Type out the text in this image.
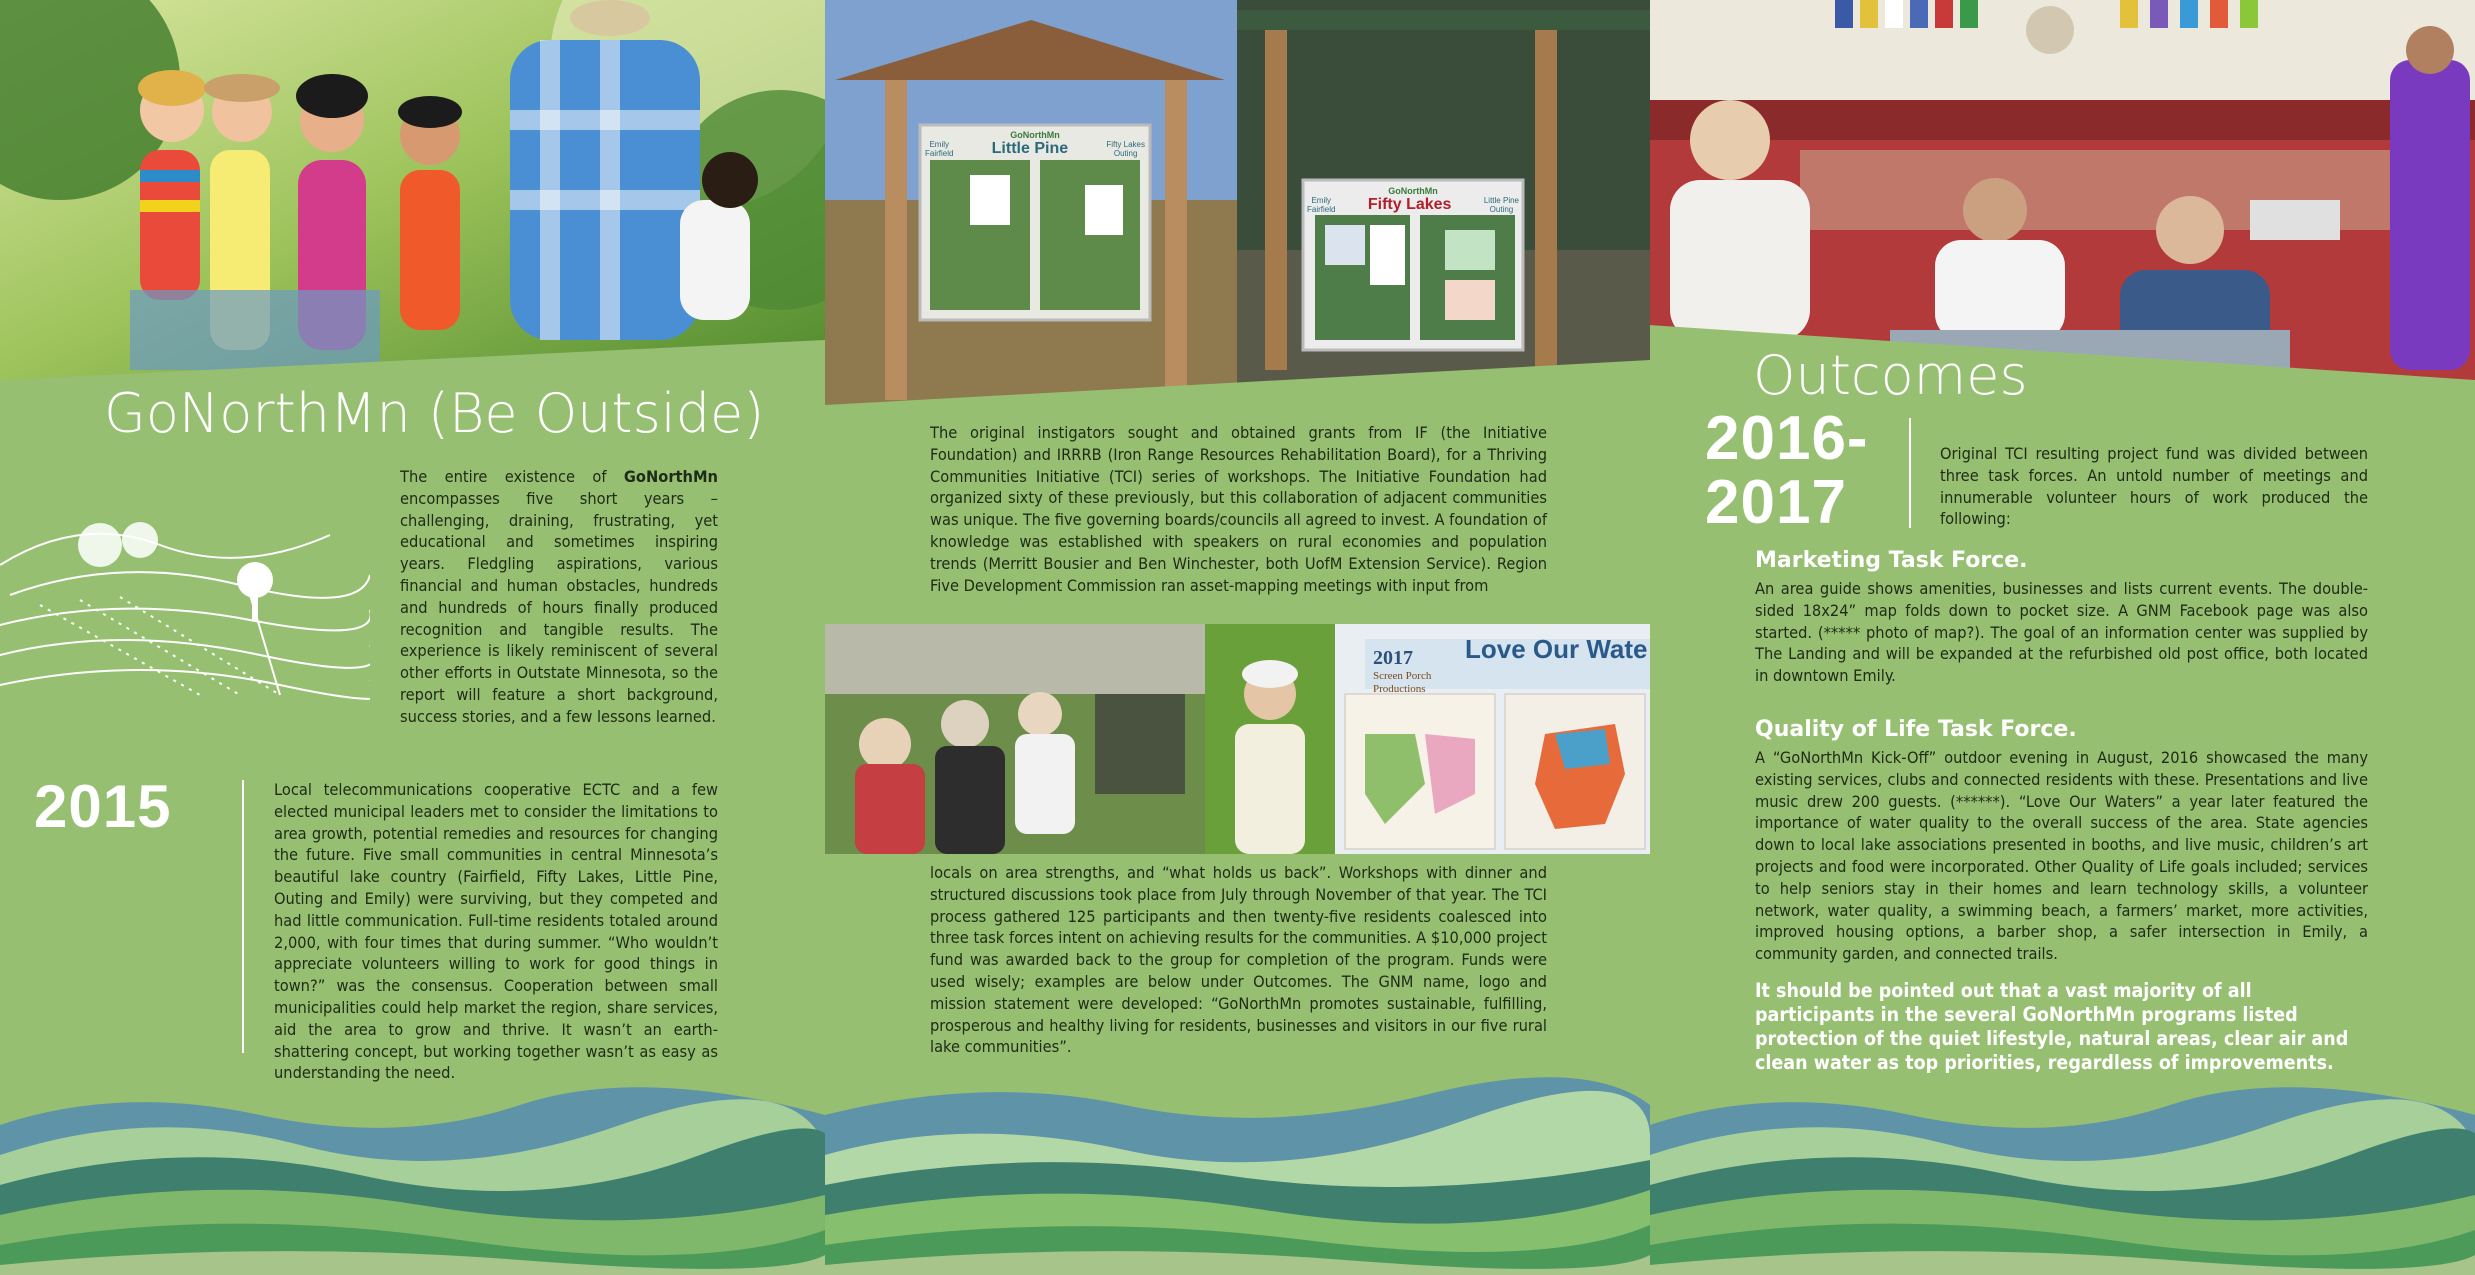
GoNorthMn (Be Outside)
The entire existence of GoNorthMn encompasses five short years –challenging, draining, frustrating, yet educational and sometimes inspiring years. Fledgling aspirations, various financial and human obstacles, hundreds and hundreds of hours finally produced recognition and tangible results. The experience is likely reminiscent of several other efforts in Outstate Minnesota, so the report will feature a short background, success stories, and a few lessons learned.
2015	Local telecommunications cooperative ECTC and a few elected municipal leaders met to consider the limitations to area growth, potential remedies and resources for changing the future. Five small communities in central Minnesota’s beautiful lake country (Fairfield, Fifty Lakes, Little Pine, Outing and Emily) were surviving, but they competed and had little communication. Full-time residents totaled around 2,000, with four times that during summer. “Who wouldn’t appreciate volunteers willing to work for good things in town?” was the consensus. Cooperation between small municipalities could help market the region, share services, aid the area to grow and thrive. It wasn’t an earth-shattering concept, but working together wasn’t as easy as understanding the need.
GoNorthMn
Emily
Fairfield Little Pine	Fifty Lakes
Outing
GoNorthMn
Emily
Fairfield Fifty Lakes	Little Pine
Outing
The original instigators sought and obtained grants from IF (the Initiative Foundation) and IRRRB (Iron Range Resources Rehabilitation Board), for a Thriving Communities Initiative (TCI) series of workshops. The Initiative Foundation had organized sixty of these previously, but this collaboration of adjacent communities was unique. The five governing boards/councils all agreed to invest. A foundation of knowledge was established with speakers on rural economies and population trends (Merritt Bousier and Ben Winchester, both UofM Extension Service). Region Five Development Commission ran asset-mapping meetings with input from
2017
Screen Porch
Productions
Love Our Wate
locals on area strengths, and “what holds us back”. Workshops with dinner and structured discussions took place from July through November of that year. The TCI process gathered 125 participants and then twenty-five residents coalesced into three task forces intent on achieving results for the communities. A $10,000 project fund was awarded back to the group for completion of the program. Funds were used wisely; examples are below under Outcomes. The GNM name, logo and mission statement were developed: “GoNorthMn promotes sustainable, fulfilling, prosperous and healthy living for residents, businesses and visitors in our five rural lake communities”.
Outcomes
2016-
2017
Original TCI resulting project fund was divided between three task forces. An untold number of meetings and innumerable volunteer hours of work produced the following:
Marketing Task Force.
An area guide shows amenities, businesses and lists current events. The double-sided 18x24” map folds down to pocket size. A GNM Facebook page was also started. (***** photo of map?). The goal of an information center was supplied by The Landing and will be expanded at the refurbished old post office, both located in downtown Emily.
Quality of Life Task Force.
A “GoNorthMn Kick-Off” outdoor evening in August, 2016 showcased the many existing services, clubs and connected residents with these. Presentations and live music drew 200 guests. (******). “Love Our Waters” a year later featured the importance of water quality to the overall success of the area. State agencies down to local lake associations presented in booths, and live music, children’s art projects and food were incorporated. Other Quality of Life goals included; services to help seniors stay in their homes and learn technology skills, a volunteer network, water quality, a swimming beach, a farmers’ market, more activities, improved housing options, a barber shop, a safer intersection in Emily, a community garden, and connected trails.
It should be pointed out that a vast majority of all participants in the several GoNorthMn programs listed protection of the quiet lifestyle, natural areas, clear air and clean water as top priorities, regardless of improvements.
